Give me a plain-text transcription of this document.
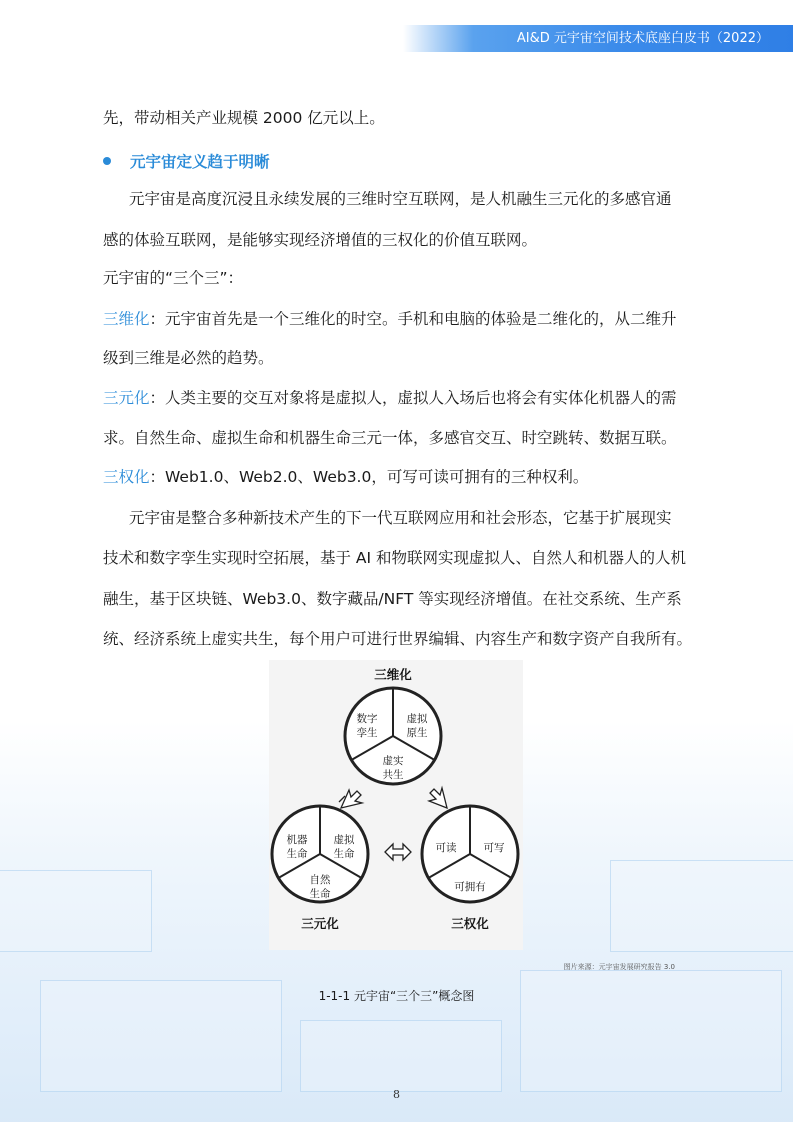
AI&D 元宇宙空间技术底座白皮书（2022）
先，带动相关产业规模 2000 亿元以上。
元宇宙定义趋于明晰
元宇宙是高度沉浸且永续发展的三维时空互联网，是人机融生三元化的多感官通
感的体验互联网，是能够实现经济增值的三权化的价值互联网。
元宇宙的“三个三”：
三维化：元宇宙首先是一个三维化的时空。手机和电脑的体验是二维化的，从二维升
级到三维是必然的趋势。
三元化：人类主要的交互对象将是虚拟人，虚拟人入场后也将会有实体化机器人的需
求。自然生命、虚拟生命和机器生命三元一体，多感官交互、时空跳转、数据互联。
三权化：Web1.0、Web2.0、Web3.0，可写可读可拥有的三种权利。
元宇宙是整合多种新技术产生的下一代互联网应用和社会形态，它基于扩展现实
技术和数字孪生实现时空拓展，基于 AI 和物联网实现虚拟人、自然人和机器人的人机
融生，基于区块链、Web3.0、数字藏品/NFT 等实现经济增值。在社交系统、生产系
统、经济系统上虚实共生，每个用户可进行世界编辑、内容生产和数字资产自我所有。
三维化
数字
孪生
虚拟
原生
虚实
共生
机器
生命
虚拟
生命
自然
生命
三元化
可读	可写
可拥有
三权化
图片来源：元宇宙发展研究报告 3.0
1-1-1 元宇宙“三个三”概念图
8
